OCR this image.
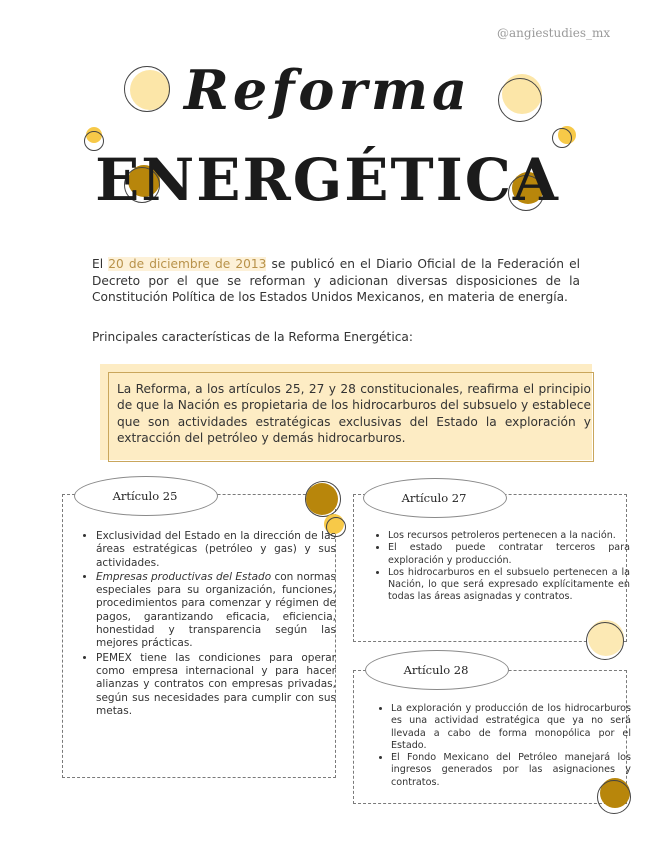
@angiestudies_mx
Reforma
ENERGÉTICA
El 20 de diciembre de 2013 se publicó en el Diario Oficial de la Federación el Decreto por el que se reforman y adicionan diversas disposiciones de la Constitución Política de los Estados Unidos Mexicanos, en materia de energía.
Principales características de la Reforma Energética:
La Reforma, a los artículos 25, 27 y 28 constitucionales, reafirma el principio de que la Nación es propietaria de los hidrocarburos del subsuelo y establece que son actividades estratégicas exclusivas del Estado la exploración y extracción del petróleo y demás hidrocarburos.
Artículo 25
• Exclusividad del Estado en la dirección de las áreas estratégicas (petróleo y gas) y sus actividades.
• Empresas productivas del Estado con normas especiales para su organización, funciones, procedimientos para comenzar y régimen de pagos, garantizando eficacia, eficiencia, honestidad y transparencia según las mejores prácticas.
• PEMEX tiene las condiciones para operar como empresa internacional y para hacer alianzas y contratos con empresas privadas, según sus necesidades para cumplir con sus metas.
Artículo 27
• Los recursos petroleros pertenecen a la nación.
• El estado puede contratar terceros para exploración y producción.
• Los hidrocarburos en el subsuelo pertenecen a la Nación, lo que será expresado explícitamente en todas las áreas asignadas y contratos.
Artículo 28
• La exploración y producción de los hidrocarburos es una actividad estratégica que ya no será llevada a cabo de forma monopólica por el Estado.
• El Fondo Mexicano del Petróleo manejará los ingresos generados por las asignaciones y contratos.
